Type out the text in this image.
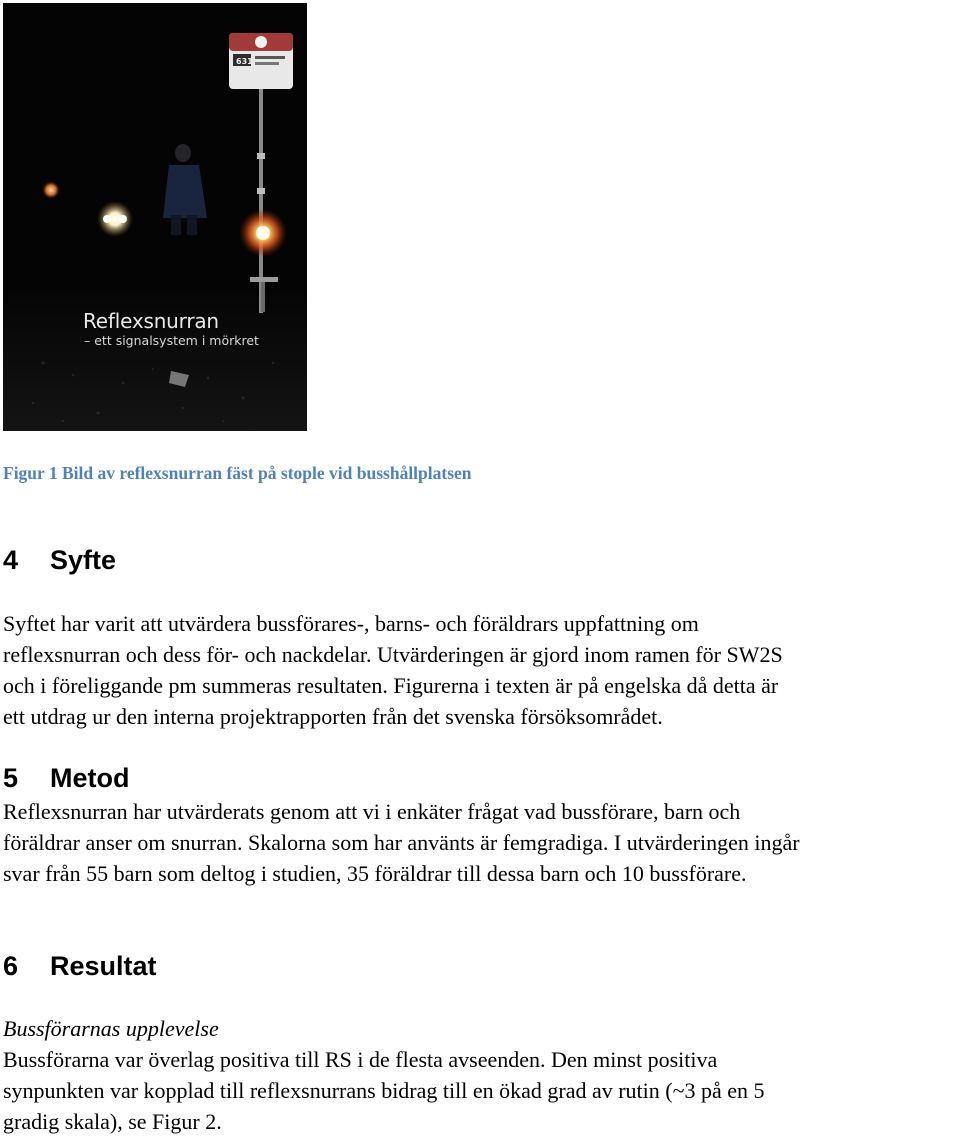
631
Reflexsnurran
– ett signalsystem i mörkret
Figur 1 Bild av reflexsnurran fäst på stople vid busshållplatsen
4 Syfte
Syftet har varit att utvärdera bussförares-, barns- och föräldrars uppfattning om
reflexsnurran och dess för- och nackdelar. Utvärderingen är gjord inom ramen för SW2S
och i föreliggande pm summeras resultaten. Figurerna i texten är på engelska då detta är
ett utdrag ur den interna projektrapporten från det svenska försöksområdet.
5 Metod
Reflexsnurran har utvärderats genom att vi i enkäter frågat vad bussförare, barn och
föräldrar anser om snurran. Skalorna som har använts är femgradiga. I utvärderingen ingår
svar från 55 barn som deltog i studien, 35 föräldrar till dessa barn och 10 bussförare.
6 Resultat
Bussförarnas upplevelse
Bussförarna var överlag positiva till RS i de flesta avseenden. Den minst positiva
synpunkten var kopplad till reflexsnurrans bidrag till en ökad grad av rutin (~3 på en 5
gradig skala), se Figur 2.
